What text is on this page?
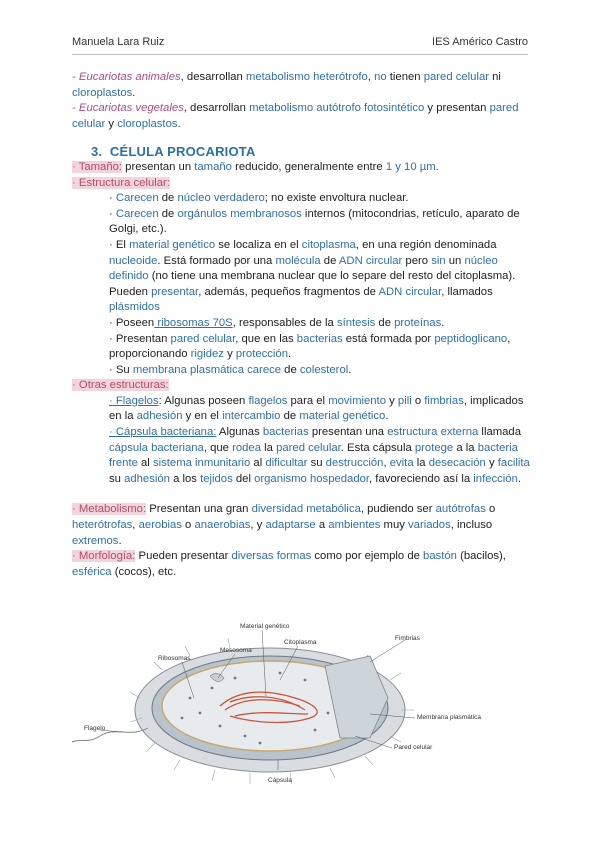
Manuela Lara Ruiz	IES Américo Castro

- Eucariotas animales, desarrollan metabolismo heterótrofo, no tienen pared celular ni cloroplastos.

- Eucariotas vegetales, desarrollan metabolismo autótrofo fotosintético y presentan pared celular y cloroplastos.

3. CÉLULA PROCARIOTA

· Tamaño: presentan un tamaño reducido, generalmente entre 1 y 10 µm.

· Estructura celular:

· Carecen de núcleo verdadero; no existe envoltura nuclear.

· Carecen de orgánulos membranosos internos (mitocondrias, retículo, aparato de Golgi, etc.).

· El material genético se localiza en el citoplasma, en una región denominada nucleoide. Está formado por una molécula de ADN circular pero sin un núcleo definido (no tiene una membrana nuclear que lo separe del resto del citoplasma). Pueden presentar, además, pequeños fragmentos de ADN circular, llamados plásmidos

· Poseen ribosomas 70S, responsables de la síntesis de proteínas.

· Presentan pared celular, que en las bacterias está formada por peptidoglicano, proporcionando rigidez y protección.

· Su membrana plasmática carece de colesterol.

· Otras estructuras:

· Flagelos: Algunas poseen flagelos para el movimiento y pili o fimbrias, implicados en la adhesión y en el intercambio de material genético.

· Cápsula bacteriana: Algunas bacterias presentan una estructura externa llamada cápsula bacteriana, que rodea la pared celular. Esta cápsula protege a la bacteria frente al sistema inmunitario al dificultar su destrucción, evita la desecación y facilita su adhesión a los tejidos del organismo hospedador, favoreciendo así la infección.

· Metabolismo: Presentan una gran diversidad metabólica, pudiendo ser autótrofas o heterótrofas, aerobias o anaerobias, y adaptarse a ambientes muy variados, incluso extremos.

· Morfología: Pueden presentar diversas formas como por ejemplo de bastón (bacilos), esférica (cocos), etc.

Material genético
Mesosoma
Citoplasma
Fimbrias
Ribosomas
Flagelo
Membrana plasmática
Pared celular
Cápsula
